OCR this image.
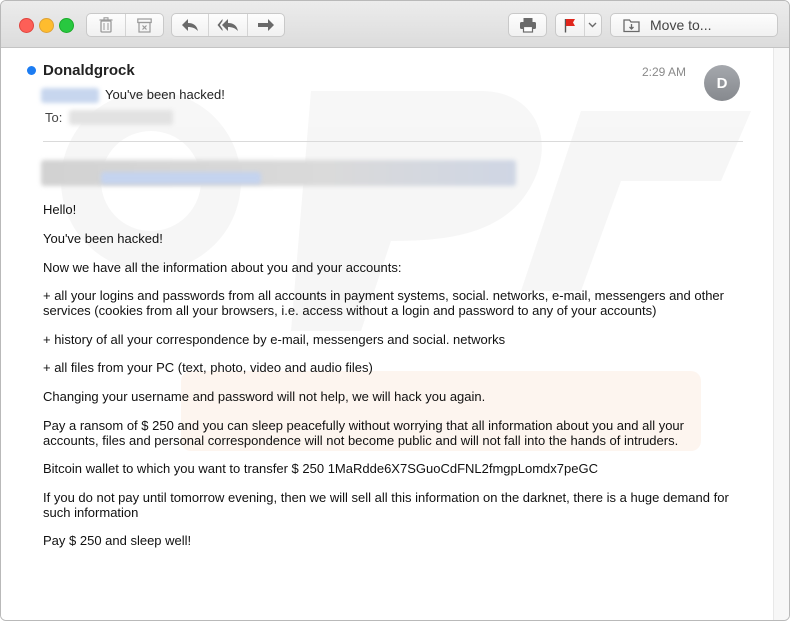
Move to...
Donaldgrock	2:29 AM
D
You've been hacked!
To:

Hello!

You've been hacked!

Now we have all the information about you and your accounts:

+ all your logins and passwords from all accounts in payment systems, social. networks, e-mail, messengers and other services (cookies from all your browsers, i.e. access without a login and password to any of your accounts)

+ history of all your correspondence by e-mail, messengers and social. networks

+ all files from your PC (text, photo, video and audio files)

Changing your username and password will not help, we will hack you again.

Pay a ransom of $ 250 and you can sleep peacefully without worrying that all information about you and all your accounts, files and personal correspondence will not become public and will not fall into the hands of intruders.

Bitcoin wallet to which you want to transfer $ 250 1MaRdde6X7SGuoCdFNL2fmgpLomdx7peGC

If you do not pay until tomorrow evening, then we will sell all this information on the darknet, there is a huge demand for such information

Pay $ 250 and sleep well!
